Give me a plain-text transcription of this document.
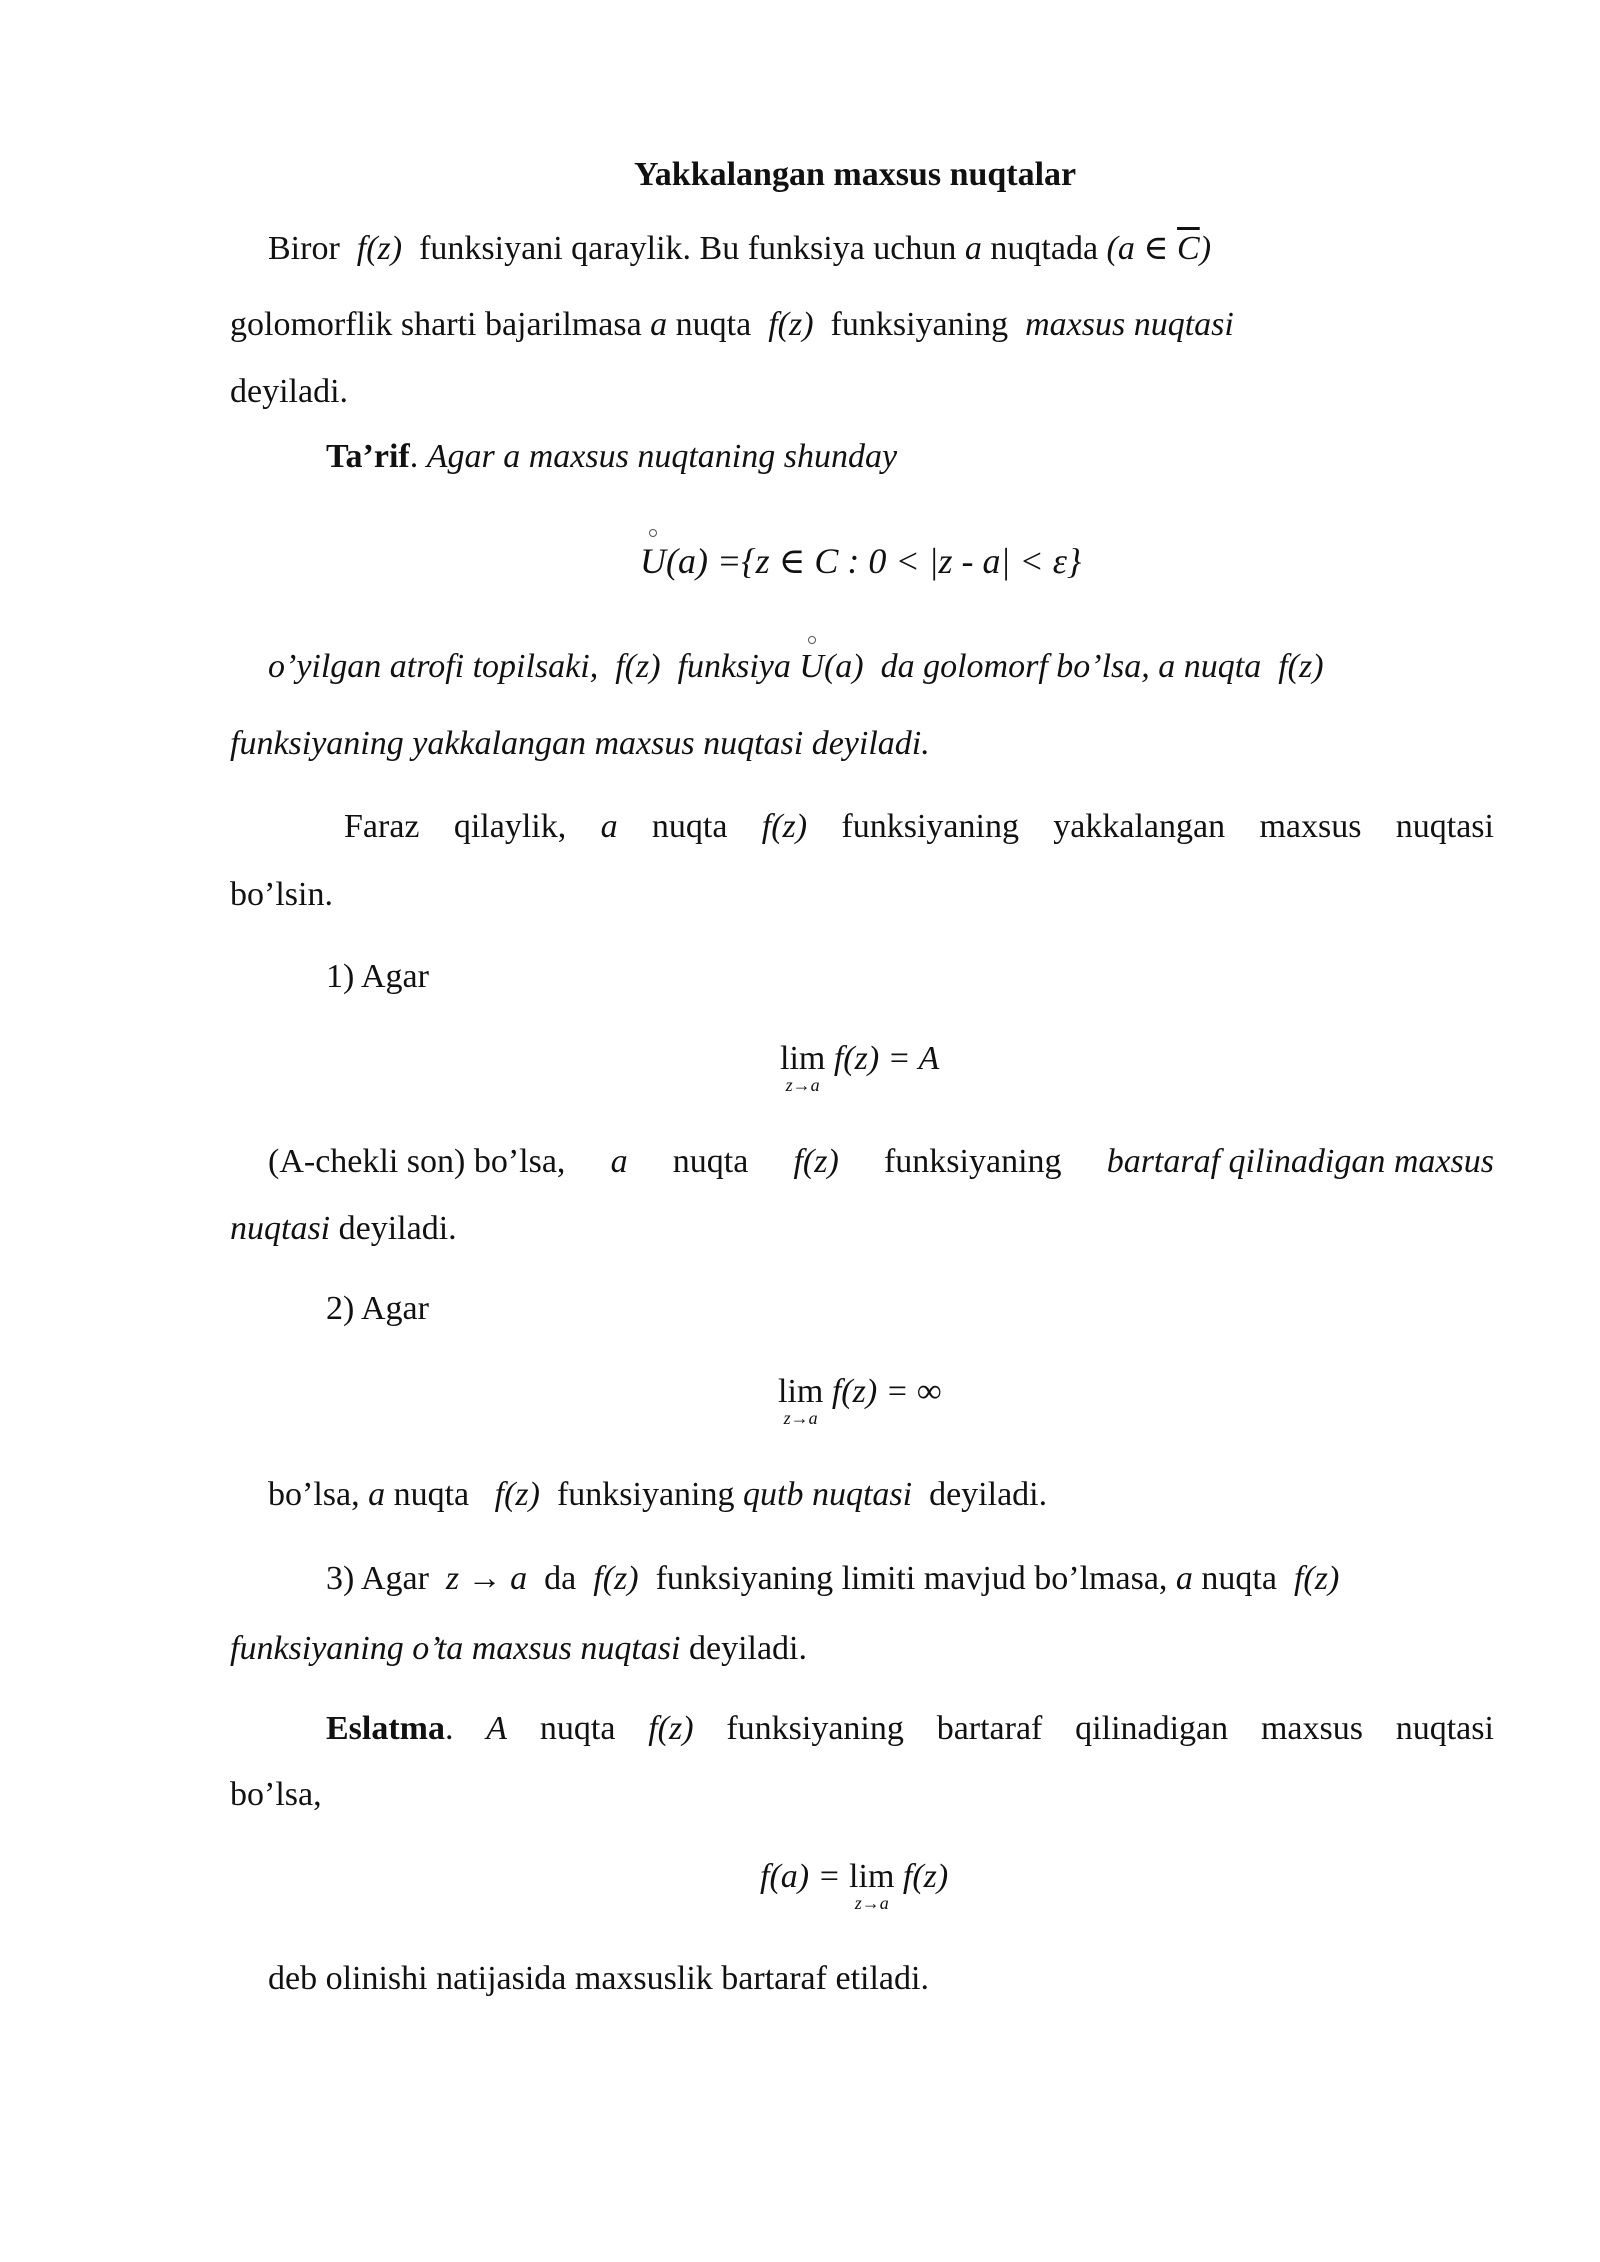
Yakkalangan maxsus nuqtalar
Biror f(z) funksiyani qaraylik. Bu funksiya uchun a nuqtada (a ∈ $\overline{C}$)
golomorflik sharti bajarilmasa a nuqta f(z) funksiyaning maxsus nuqtasi
deyiladi.
Ta’rif. Agar a maxsus nuqtaning shunday
U(a) ={z ∈ C : 0 < |z - a| < ε}
o’yilgan atrofi topilsaki, f(z) funksiya U(a) da golomorf bo’lsa, a nuqta f(z)
funksiyaning yakkalangan maxsus nuqtasi deyiladi.
Faraz qilaylik, a nuqta f(z) funksiyaning yakkalangan maxsus nuqtasi
bo’lsin.
1) Agar
lim
z→a
f(z) = A
(A-chekli son) bo’lsa, a nuqta f(z) funksiyaning bartaraf qilinadigan maxsus
nuqtasi deyiladi.
2) Agar
lim
z→a
f(z) = ∞
bo’lsa, a nuqta f(z) funksiyaning qutb nuqtasi deyiladi.
3) Agar z → a da f(z) funksiyaning limiti mavjud bo’lmasa, a nuqta f(z)
funksiyaning o’ta maxsus nuqtasi deyiladi.
Eslatma. A nuqta f(z) funksiyaning bartaraf qilinadigan maxsus nuqtasi
bo’lsa,
f(a) = lim
z→a
f(z)
deb olinishi natijasida maxsuslik bartaraf etiladi.
